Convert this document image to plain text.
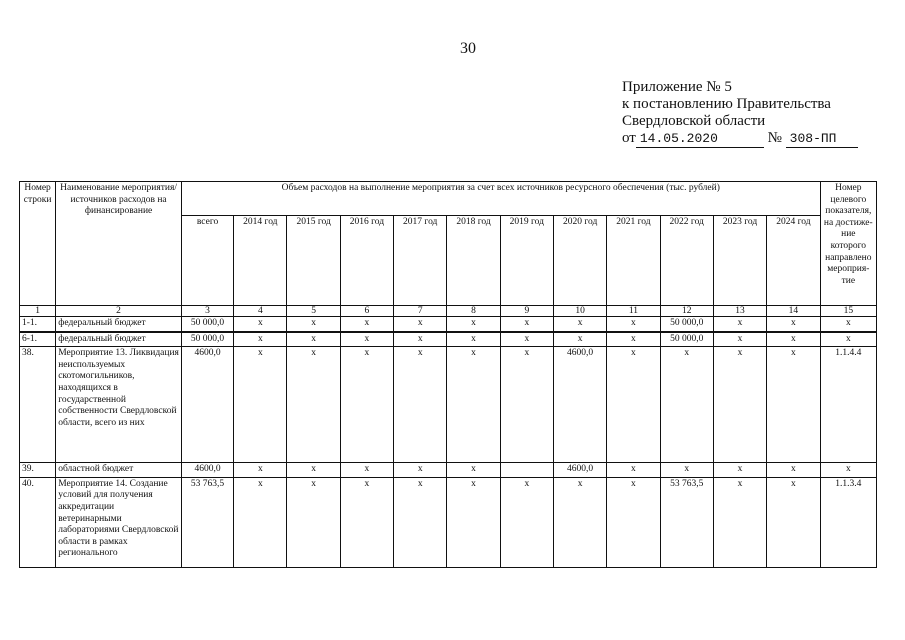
30
Приложение № 5
к постановлению Правительства
Свердловской области
от 14.05.2020	№ 308-ПП
Номер строки	Наименование мероприятия/ источников расходов на финансирование	Объем расходов на выполнение мероприятия за счет всех источников ресурсного обеспечения (тыс. рублей)												Номер целевого показателя, на достиже-ние которого направлено мероприя-тие
		всего	2014 год	2015 год	2016 год	2017 год	2018 год	2019 год	2020 год	2021 год	2022 год	2023 год	2024 год	
1	2	3	4	5	6	7	8	9	10	11	12	13	14	15
1-1.	федеральный бюджет	50 000,0	x	x	x	x	x	x	x	x	50 000,0	x	x	x
6-1.	федеральный бюджет	50 000,0	x	x	x	x	x	x	x	x	50 000,0	x	x	x
38.	Мероприятие 13. Ликвидация неиспользуемых скотомогильников, находящихся в государственной собственности Свердловской области, всего из них	4600,0	x	x	x	x	x	x	4600,0	x	x	x	x	1.1.4.4
39.	областной бюджет	4600,0	x	x	x	x	x		4600,0	x	x	x	x	x
40.	Мероприятие 14. Создание условий для получения аккредитации ветеринарными лабораториями Свердловской области в рамках регионального	53 763,5	x	x	x	x	x	x	x	x	53 763,5	x	x	1.1.3.4
